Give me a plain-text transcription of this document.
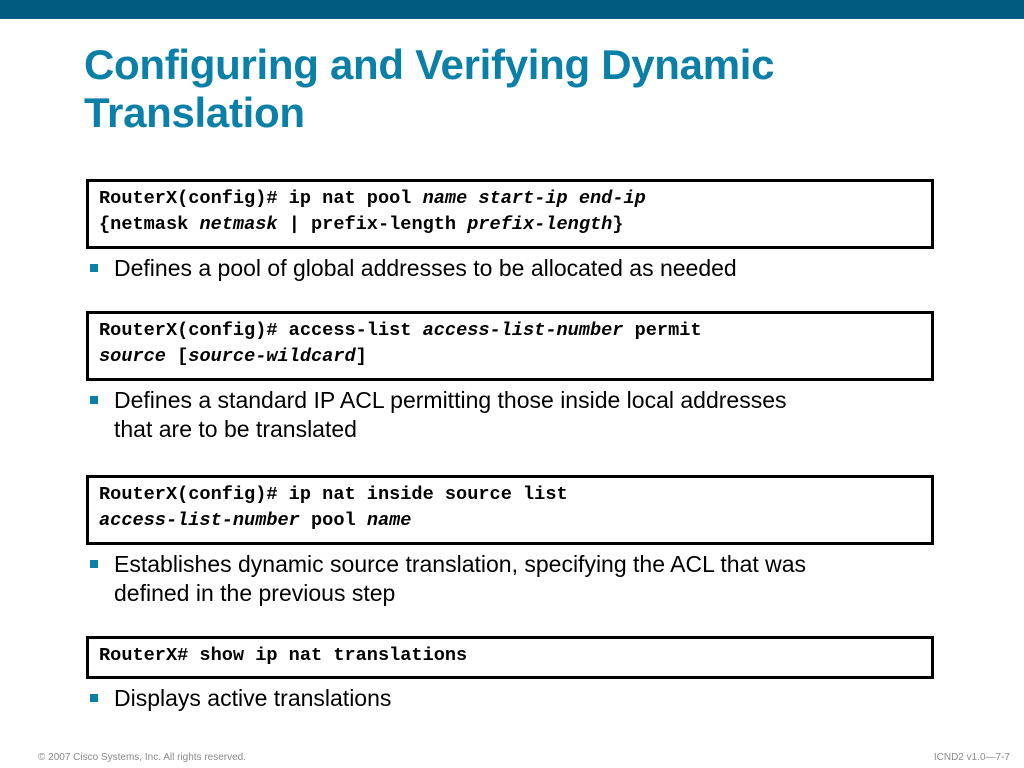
Configuring and Verifying Dynamic
Translation
RouterX(config)# ip nat pool name start-ip end-ip
{netmask netmask | prefix-length prefix-length}
Defines a pool of global addresses to be allocated as needed
RouterX(config)# access-list access-list-number permit
source [source-wildcard]
Defines a standard IP ACL permitting those inside local addresses
that are to be translated
RouterX(config)# ip nat inside source list
access-list-number pool name
Establishes dynamic source translation, specifying the ACL that was
defined in the previous step
RouterX# show ip nat translations
Displays active translations
© 2007 Cisco Systems, Inc. All rights reserved.	ICND2 v1.0—7-7
